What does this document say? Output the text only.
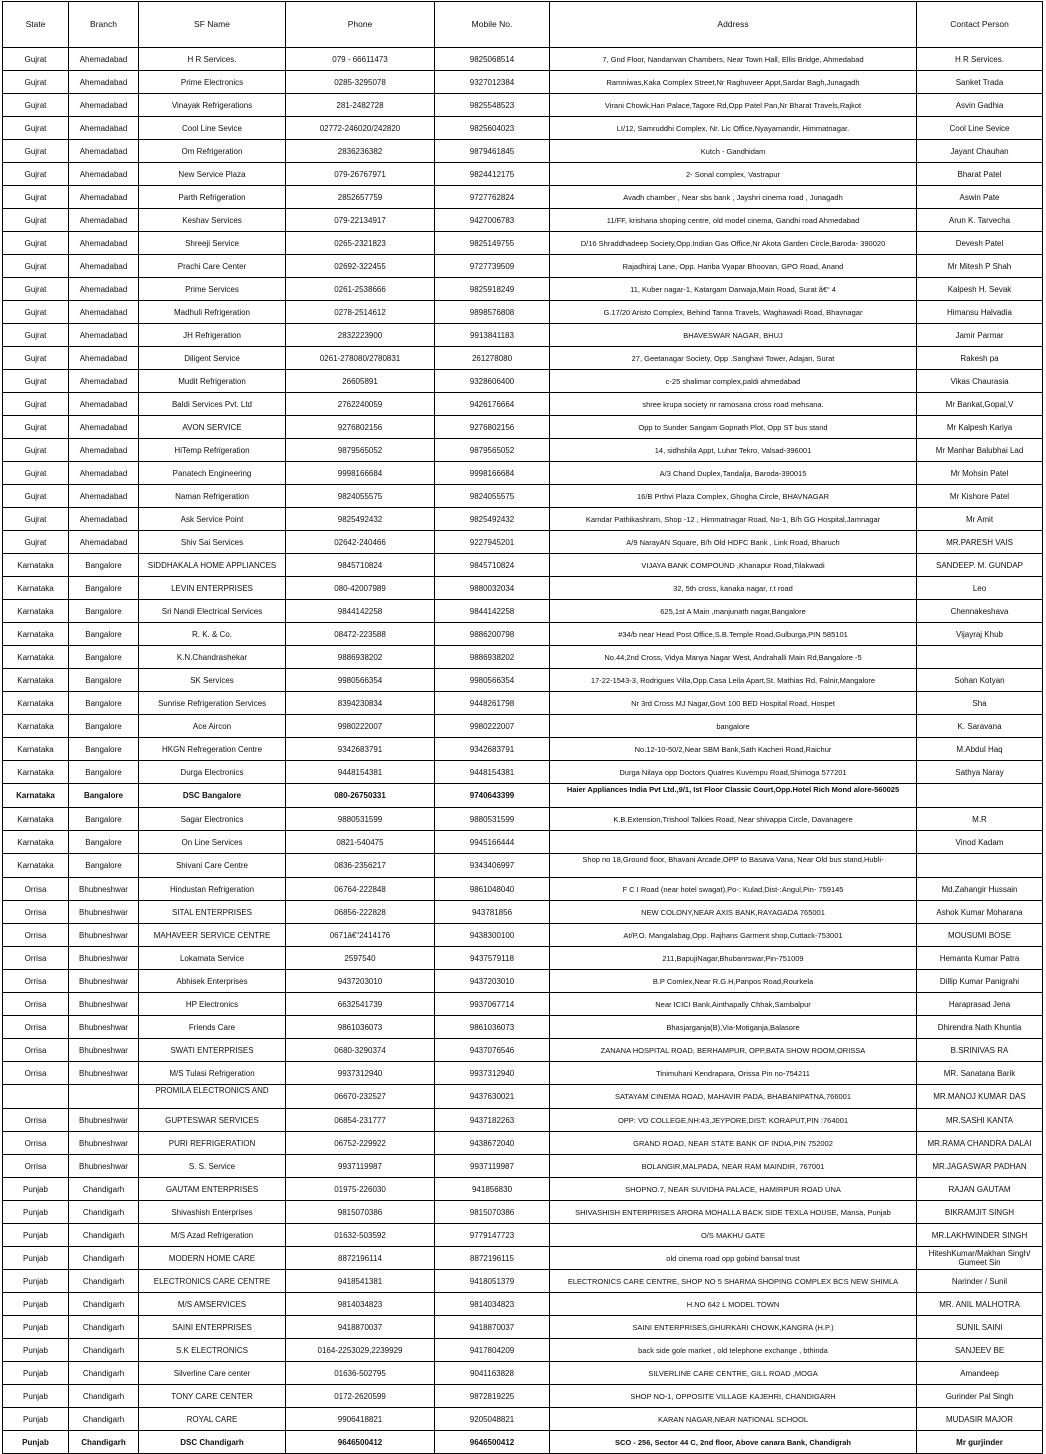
State	Branch	SF Name	Phone	Mobile No.	Address	Contact Person
Gujrat	Ahemadabad	H R Services.	079 - 66611473	9825068514	7, Gnd Floor, Nandanvan Chambers, Near Town Hall, Ellis Bridge, Ahmedabad	H R Services.
Gujrat	Ahemadabad	Prime Electronics	0285-3295078	9327012384	Ramniwas,Kaka Complex Street,Nr Raghuveer Appt,Sardar Bagh,Junagadh	Sanket Trada
Gujrat	Ahemadabad	Vinayak Refrigerations	281-2482728	9825548523	Virani Chowk,Hari Palace,Tagore Rd,Opp Patel Pan,Nr Bharat Travels,Rajkot	Asvin Gadhia
Gujrat	Ahemadabad	Cool Line Sevice	02772-246020/242820	9825604023	LI/12, Samruddhi Complex, Nr. Lic Office,Nyayamandir, Himmatnagar.	Cool Line Sevice
Gujrat	Ahemadabad	Om Refrigeration	2836236382	9879461845	Kutch - Gandhidam	Jayant Chauhan
Gujrat	Ahemadabad	New Service Plaza	079-26767971	9824412175	2- Sonal complex, Vastrapur	Bharat Patel
Gujrat	Ahemadabad	Parth Refrigeration	2852657759	9727762824	Avadh chamber , Near sbs bank , Jayshri cinema road , Junagadh	Aswin Pate
Gujrat	Ahemadabad	Keshav Services	079-22134917	9427006783	11/FF, krishana shoping centre, old model cinema, Gandhi road Ahmedabad	Arun K. Tarvecha
Gujrat	Ahemadabad	Shreeji Service	0265-2321823	9825149755	D/16 Shraddhadeep Society,Opp.Indian Gas Office,Nr Akota Garden Circle,Baroda- 390020	Devesh Patel
Gujrat	Ahemadabad	Prachi Care Center	02692-322455	9727739509	Rajadhiraj Lane, Opp. Hariba Vyapar Bhoovan, GPO Road, Anand	Mr Mitesh P Shah
Gujrat	Ahemadabad	Prime Services	0261-2538666	9825918249	11, Kuber nagar-1, Katargam Darwaja,Main Road, Surat â€“ 4	Kalpesh H. Sevak
Gujrat	Ahemadabad	Madhuli Refrigeration	0278-2514612	9898576808	G.17/20 Aristo Complex, Behind Tanna Travels, Waghawadi Road, Bhavnagar	Himansu Halvadia
Gujrat	Ahemadabad	JH Refrigeration	2832223900	9913841183	BHAVESWAR NAGAR, BHUJ	Jamir Parmar
Gujrat	Ahemadabad	Diligent Service	0261-278080/2780831	261278080	27, Geetanagar Society, Opp .Sanghavi Tower, Adajan, Surat	Rakesh pa
Gujrat	Ahemadabad	Mudit Refrigeration	26605891	9328606400	c-25 shalimar complex,paldi ahmedabad	Vikas Chaurasia
Gujrat	Ahemadabad	Baldi Services Pvt. Ltd	2762240059	9426176664	shree krupa society nr ramosana cross road mehsana.	Mr Bankat,Gopal,V
Gujrat	Ahemadabad	AVON SERVICE	9276802156	9276802156	Opp to Sunder Sangam Gopnath Plot, Opp ST bus stand	Mr Kalpesh Kariya
Gujrat	Ahemadabad	HiTemp Refrigeration	9879565052	9879565052	14, sidhshila Appt, Luhar Tekro, Valsad-396001	Mr Manhar Balubhai Lad
Gujrat	Ahemadabad	Panatech Engineering	9998166684	9998166684	A/3 Chand Duplex,Tandalja, Baroda-390015	Mr Mohsin Patel
Gujrat	Ahemadabad	Naman Refrigeration	9824055575	9824055575	16/B Prthvi Plaza Complex, Ghogha Circle, BHAVNAGAR	Mr Kishore Patel
Gujrat	Ahemadabad	Ask Service Point	9825492432	9825492432	Kamdar Pathikashram, Shop -12 , Himmatnagar Road, No-1, B/h GG Hospital,Jamnagar	Mr Amit
Gujrat	Ahemadabad	Shiv Sai Services	02642-240466	9227945201	A/9 NarayAN Square, B/h Old HDFC Bank , Link Road, Bharuch	MR.PARESH VAIS
Karnataka	Bangalore	SIDDHAKALA HOME APPLIANCES	9845710824	9845710824	VIJAYA BANK COMPOUND ,Khanapur Road,Tilakwadi	SANDEEP. M. GUNDAP
Karnataka	Bangalore	LEVIN ENTERPRISES	080-42007989	9880032034	32, 5th cross, kanaka nagar, r.t road	Leo
Karnataka	Bangalore	Sri Nandi Electrical Services	9844142258	9844142258	625,1st A Main ,manjunath nagar,Bangalore	Chennakeshava
Karnataka	Bangalore	R. K. & Co.	08472-223588	9886200798	#34/b near Head Post Office,S.B.Temple Road,Gulburga,PIN 585101	Vijayraj Khub
Karnataka	Bangalore	K.N.Chandrashekar	9886938202	9886938202	No.44,2nd Cross, Vidya Manya Nagar West, Andrahalli Main Rd,Bangalore -5	
Karnataka	Bangalore	SK Services	9980566354	9980566354	17-22-1543-3, Rodrigues Villa,Opp.Casa Leila Apart,St. Mathias Rd, Falnir,Mangalore	Sohan Kotyan
Karnataka	Bangalore	Sunrise Refrigeration Services	8394230834	9448261798	Nr 3rd Cross MJ Nagar,Govt 100 BED Hospital Road, Hospet	Sha
Karnataka	Bangalore	Ace Aircon	9980222007	9980222007	bangalore	K. Saravana
Karnataka	Bangalore	HKGN Refregeration Centre	9342683791	9342683791	No.12-10-50/2,Near SBM Bank,Sath Kacheri Road,Raichur	M.Abdul Haq
Karnataka	Bangalore	Durga Electronics	9448154381	9448154381	Durga Nilaya opp Doctors Quatres Kuvempu Road,Shimoga 577201	Sathya Naray
Karnataka	Bangalore	DSC Bangalore	080-26750331	9740643399	Haier Appliances India Pvt Ltd.,9/1, Ist Floor Classic Court,Opp.Hotel Rich Mond alore-560025	
Karnataka	Bangalore	Sagar Electronics	9880531599	9880531599	K.B.Extension,Trishool Talkies Road, Near shivappa Circle, Davanagere	M.R
Karnataka	Bangalore	On Line Services	0821-540475	9945166444		Vinod Kadam
Karnataka	Bangalore	Shivani Care Centre	0836-2356217	9343406997	Shop no 18,Ground floor, Bhavani Arcade,OPP to Basava Vana, Near Old bus stand,Hubli-	
Orrisa	Bhubneshwar	Hindustan Refrigeration	06764-222848	9861048040	F C I Road (near hotel swagat),Po-: Kulad,Dist-:Angul,Pin- 759145	Md.Zahangir Hussain
Orrisa	Bhubneshwar	SITAL ENTERPRISES	06856-222828	943781856	NEW COLONY,NEAR AXIS BANK,RAYAGADA 765001	Ashok Kumar Moharana
Orrisa	Bhubneshwar	MAHAVEER SERVICE CENTRE	0671â€“2414176	9438300100	At/P.O. Mangalabag,Opp. Rajhans Garment shop,Cuttack-753001	MOUSUMI BOSE
Orrisa	Bhubneshwar	Lokamata Service	2597540	9437579118	211,BapujiNagar,Bhubanrswar,Pin-751009	Hemanta Kumar Patra
Orrisa	Bhubneshwar	Abhisek Enterprises	9437203010	9437203010	B.P Comlex,Near R.G.H,Panpos Road,Rourkela	Dillip Kumar Panigrahi
Orrisa	Bhubneshwar	HP Electronics	6632541739	9937067714	Near ICICI Bank,Ainthapally Chhak,Sambalpur	Haraprasad Jena
Orrisa	Bhubneshwar	Friends Care	9861036073	9861036073	Bhasjarganja(B),Via-Motiganja,Balasore	Dhirendra Nath Khuntia
Orrisa	Bhubneshwar	SWATI ENTERPRISES	0680-3290374	9437076546	ZANANA HOSPITAL ROAD, BERHAMPUR, OPP,BATA SHOW ROOM,ORISSA	B.SRINIVAS RA
Orrisa	Bhubneshwar	M/S Tulasi Refrigeration	9937312940	9937312940	Tinimuhani Kendrapara, Orissa Pin no-754211	MR. Sanatana Barik
		PROMILA ELECTRONICS AND	06670-232527	9437630021	SATAYAM CINEMA ROAD, MAHAVIR PADA, BHABANIPATNA,766001	MR.MANOJ KUMAR DAS
Orrisa	Bhubneshwar	GUPTESWAR SERVICES	06854-231777	9437182263	OPP: VD COLLEGE,NH:43,JEYPORE,DIST: KORAPUT,PIN :764001	MR.SASHI KANTA
Orrisa	Bhubneshwar	PURI REFRIGERATION	06752-229922	9438672040	GRAND ROAD, NEAR STATE BANK OF INDIA,PIN 752002	MR.RAMA CHANDRA DALAI
Orrisa	Bhubneshwar	S. S. Service	9937119987	9937119987	BOLANGIR,MALPADA, NEAR RAM MAINDIR, 767001	MR.JAGASWAR PADHAN
Punjab	Chandigarh	GAUTAM ENTERPRISES	01975-226030	941856830	SHOPNO.7, NEAR SUVIDHA PALACE, HAMIRPUR ROAD UNA	RAJAN GAUTAM
Punjab	Chandigarh	Shivashish Enterprises	9815070386	9815070386	SHIVASHISH ENTERPRISES ARORA MOHALLA BACK SIDE TEXLA HOUSE, Mansa, Punjab	BIKRAMJIT SINGH
Punjab	Chandigarh	M/S Azad Refrigeration	01632-503592	9779147723	O/S MAKHU GATE	MR.LAKHWINDER SINGH
Punjab	Chandigarh	MODERN HOME CARE	8872196114	8872196115	old cinema road opp gobind bansal trust	HiteshKumar/Makhan Singh/ Gumeet Sin
Punjab	Chandigarh	ELECTRONICS CARE CENTRE	9418541381	9418051379	ELECTRONICS CARE CENTRE, SHOP NO 5 SHARMA SHOPING COMPLEX BCS NEW SHIMLA	Narinder / Sunil
Punjab	Chandigarh	M/S AMSERVICES	9814034823	9814034823	H.NO 642 L MODEL TOWN	MR. ANIL MALHOTRA
Punjab	Chandigarh	SAINI ENTERPRISES	9418870037	9418870037	SAINI ENTERPRISES,GHURKARI CHOWK,KANGRA (H.P.)	SUNIL SAINI
Punjab	Chandigarh	S.K ELECTRONICS	0164-2253029,2239929	9417804209	back side gole market , old telephone exchange , bthinda	SANJEEV BE
Punjab	Chandigarh	Silverline Care center	01636-502795	9041163828	SILVERLINE CARE CENTRE, GILL ROAD ,MOGA	Amandeep
Punjab	Chandigarh	TONY CARE CENTER	0172-2620599	9872819225	SHOP NO-1, OPPOSITE VILLAGE KAJEHRI, CHANDIGARH	Gurinder Pal Singh
Punjab	Chandigarh	ROYAL CARE	9906418821	9205048821	KARAN NAGAR,NEAR NATIONAL SCHOOL	MUDASIR MAJOR
Punjab	Chandigarh	DSC Chandigarh	9646500412	9646500412	SCO - 256, Sector 44 C, 2nd floor, Above canara Bank, Chandigrah	Mr gurjinder
